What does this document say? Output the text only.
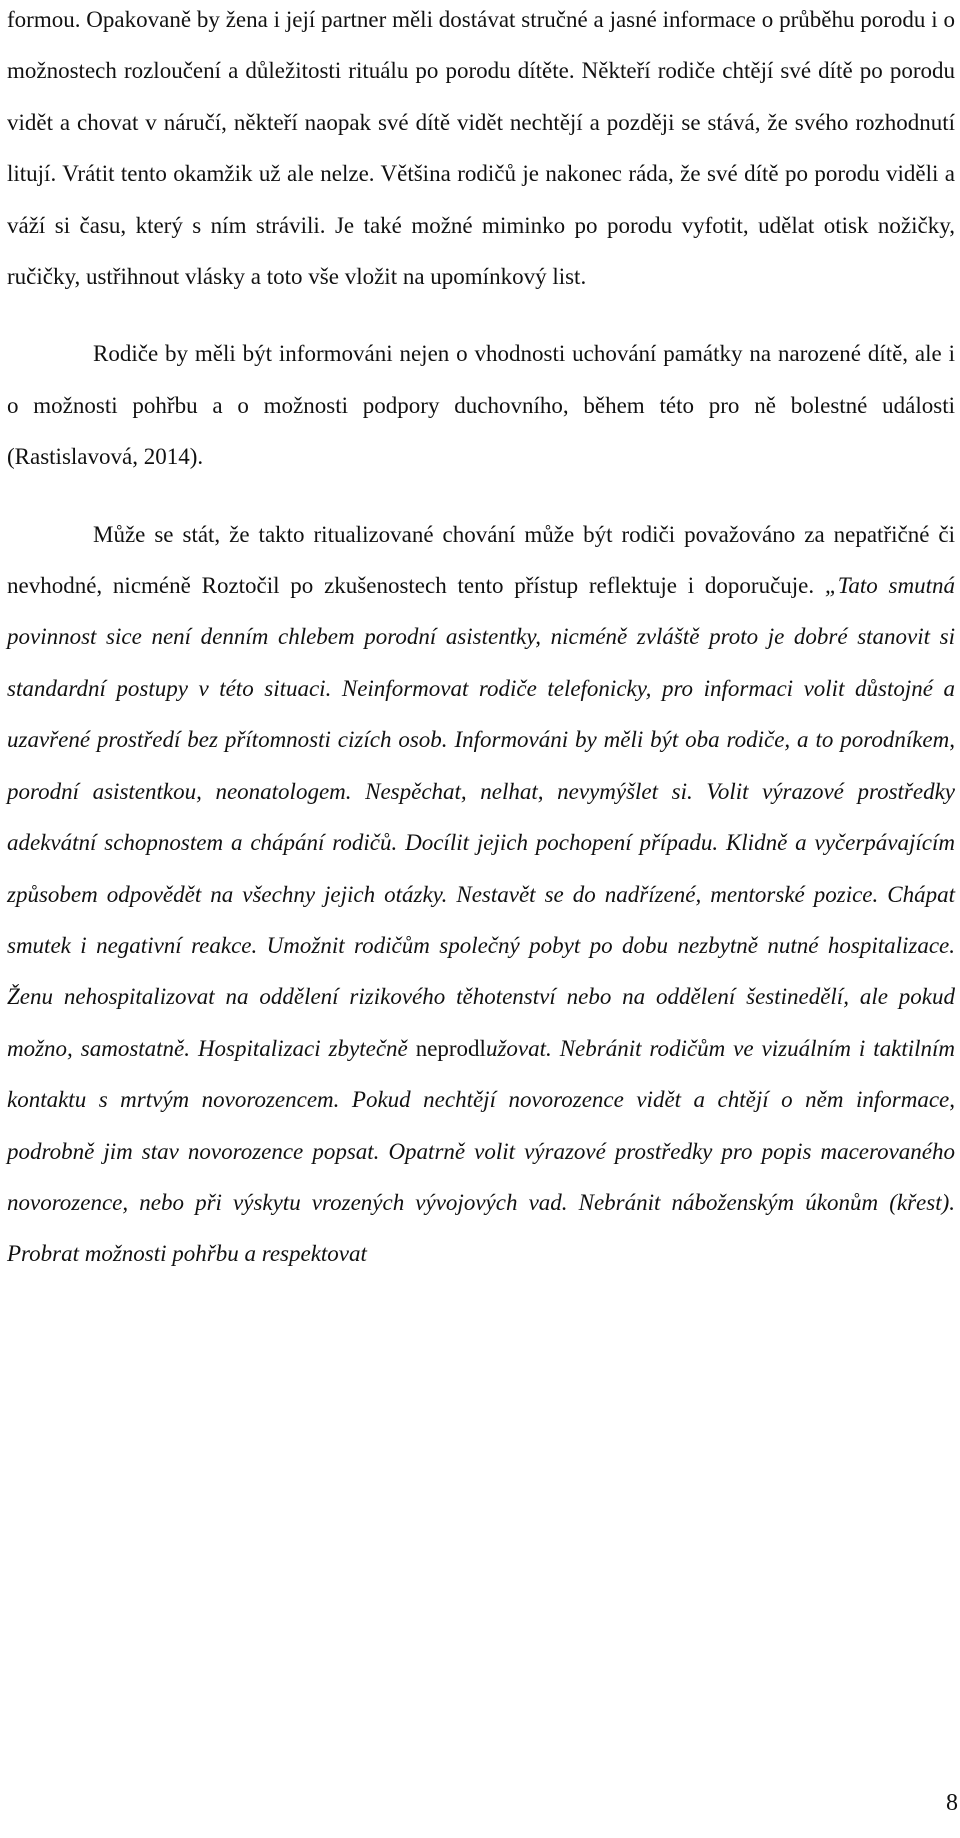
formou. Opakovaně by žena i její partner měli dostávat stručné a jasné informace o průběhu porodu i o možnostech rozloučení a důležitosti rituálu po porodu dítěte. Někteří rodiče chtějí své dítě po porodu vidět a chovat v náručí, někteří naopak své dítě vidět nechtějí a později se stává, že svého rozhodnutí litují. Vrátit tento okamžik už ale nelze. Většina rodičů je nakonec ráda, že své dítě po porodu viděli a váží si času, který s ním strávili. Je také možné miminko po porodu vyfotit, udělat otisk nožičky, ručičky, ustřihnout vlásky a toto vše vložit na upomínkový list.

Rodiče by měli být informováni nejen o vhodnosti uchování památky na narozené dítě, ale i o možnosti pohřbu a o možnosti podpory duchovního, během této pro ně bolestné události (Rastislavová, 2014).

Může se stát, že takto ritualizované chování může být rodiči považováno za nepatřičné či nevhodné, nicméně Roztočil po zkušenostech tento přístup reflektuje i doporučuje. „Tato smutná povinnost sice není denním chlebem porodní asistentky, nicméně zvláště proto je dobré stanovit si standardní postupy v této situaci. Neinformovat rodiče telefonicky, pro informaci volit důstojné a uzavřené prostředí bez přítomnosti cizích osob. Informováni by měli být oba rodiče, a to porodníkem, porodní asistentkou, neonatologem. Nespěchat, nelhat, nevymýšlet si. Volit výrazové prostředky adekvátní schopnostem a chápání rodičů. Docílit jejich pochopení případu. Klidně a vyčerpávajícím způsobem odpovědět na všechny jejich otázky. Nestavět se do nadřízené, mentorské pozice. Chápat smutek i negativní reakce. Umožnit rodičům společný pobyt po dobu nezbytně nutné hospitalizace. Ženu nehospitalizovat na oddělení rizikového těhotenství nebo na oddělení šestinedělí, ale pokud možno, samostatně. Hospitalizaci zbytečně neprodlužovat. Nebránit rodičům ve vizuálním i taktilním kontaktu s mrtvým novorozencem. Pokud nechtějí novorozence vidět a chtějí o něm informace, podrobně jim stav novorozence popsat. Opatrně volit výrazové prostředky pro popis macerovaného novorozence, nebo při výskytu vrozených vývojových vad. Nebránit náboženským úkonům (křest). Probrat možnosti pohřbu a respektovat

8
